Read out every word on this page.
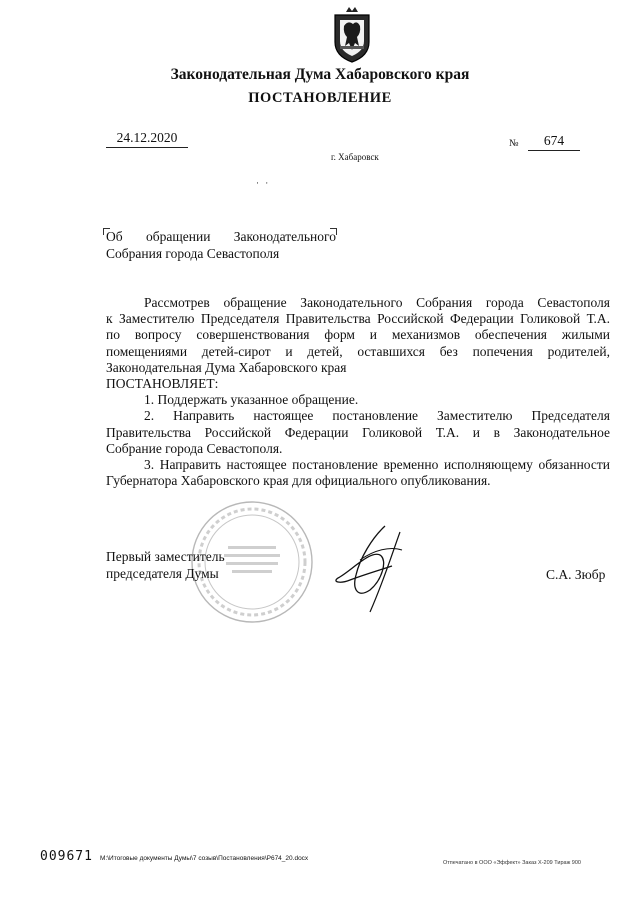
Законодательная Дума Хабаровского края
ПОСТАНОВЛЕНИЕ
24.12.2020	№	674
г. Хабаровск
· ·
Об обращении Законодательного
Собрания города Севастополя

Рассмотрев обращение Законодательного Собрания города Севастополя

к Заместителю Председателя Правительства Российской Федерации Голиковой Т.А.

по вопросу совершенствования форм и механизмов обеспечения жилыми

помещениями детей-сирот и детей, оставшихся без попечения родителей,

Законодательная Дума Хабаровского края

ПОСТАНОВЛЯЕТ:

1. Поддержать указанное обращение.

2. Направить настоящее постановление Заместителю Председателя

Правительства Российской Федерации Голиковой Т.А. и в Законодательное

Собрание города Севастополя.

3. Направить настоящее постановление временно исполняющему обязанности

Губернатора Хабаровского края для официального опубликования.

Первый заместитель
председателя Думы	С.А. Зюбр
009671 М:\Итоговые документы Думы\7 созыв\Постановления\Р674_20.docx
Отпечатано в ООО «Эффект» Заказ Х-209 Тираж 900
